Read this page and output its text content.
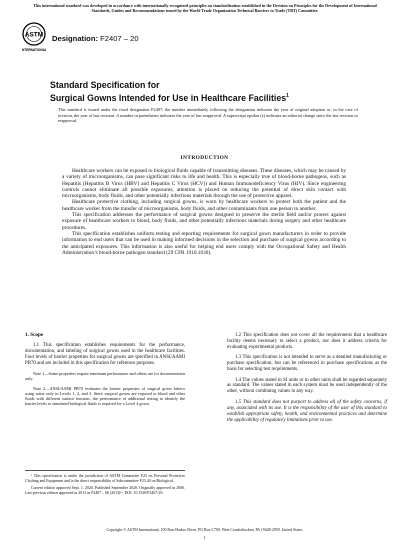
This international standard was developed in accordance with internationally recognized principles on standardization established in the Decision on Principles for the Development of International Standards, Guides and Recommendations issued by the World Trade Organization Technical Barriers to Trade (TBT) Committee.
ASTM
INTERNATIONAL
Designation: F2407 – 20
Standard Specification for
Surgical Gowns Intended for Use in Healthcare Facilities$^1$
This standard is issued under the fixed designation F2407; the number immediately following the designation indicates the year of original adoption or, in the case of revision, the year of last revision. A number in parentheses indicates the year of last reapproval. A superscript epsilon (ε) indicates an editorial change since the last revision or reapproval.
INTRODUCTION

Healthcare workers can be exposed to biological fluids capable of transmitting diseases. These diseases, which may be caused by a variety of microorganisms, can pose significant risks to life and health. This is especially true of blood-borne pathogens, such as Hepatitis (Hepatitis B Virus (HBV) and Hepatitis C Virus (HCV)) and Human Immunodeficiency Virus (HIV). Since engineering controls cannot eliminate all possible exposures, attention is placed on reducing the potential of direct skin contact with microorganisms, body fluids, and other potentially infectious materials through the use of protective apparel.

Healthcare protective clothing, including surgical gowns, is worn by healthcare workers to protect both the patient and the healthcare worker from the transfer of microorganisms, body fluids, and other contaminants from one person to another.

This specification addresses the performance of surgical gowns designed to preserve the sterile field and/or protect against exposure of healthcare workers to blood, body fluids, and other potentially infectious materials during surgery and other healthcare procedures.

This specification establishes uniform testing and reporting requirements for surgical gown manufacturers in order to provide information to end users that can be used in making informed decisions in the selection and purchase of surgical gowns according to the anticipated exposures. This information is also useful for helping end users comply with the Occupational Safety and Health Administration’s blood-borne pathogen standard (29 CFR 1910.1030).

1. Scope

1.1 This specification establishes requirements for the performance, documentation, and labeling of surgical gowns used in the healthcare facilities. Four levels of barrier properties for surgical gowns are specified in ANSI/AAMI PB70 and are included in this specification for reference purposes.

Note 1—Some properties require minimum performance and others are for documentation only.

Note 2—ANSI/AAMI PB70 evaluates the barrier properties of surgical gown fabrics using water only in Levels 1, 2, and 3. Since surgical gowns are exposed to blood and other fluids with different surface tensions, the performance of additional testing to identify the barrier levels to simulated biological fluids is required for a Level 4 gown.

¹ This specification is under the jurisdiction of ASTM Committee F23 on Personal Protective Clothing and Equipment and is the direct responsibility of Subcommittee F23.40 on Biological.

Current edition approved Sept. 1, 2020. Published September 2020. Originally approved in 2006. Last previous edition approved in 2013 as F2407 – 06 (2013)¹¹. DOI: 10.1520/F2407-20.

1.2 This specification does not cover all the requirements that a healthcare facility deems necessary to select a product, nor does it address criteria for evaluating experimental products.

1.3 This specification is not intended to serve as a detailed manufacturing or purchase specification, but can be referenced in purchase specifications as the basis for selecting test requirements.

1.4 The values stated in SI units or in other units shall be regarded separately as standard. The values stated in each system must be used independently of the other, without combining values in any way.

1.5 This standard does not purport to address all of the safety concerns, if any, associated with its use. It is the responsibility of the user of this standard to establish appropriate safety, health, and environmental practices and determine the applicability of regulatory limitations prior to use.

Copyright © ASTM International, 100 Barr Harbor Drive, PO Box C700, West Conshohocken, PA 19428-2959. United States
1
